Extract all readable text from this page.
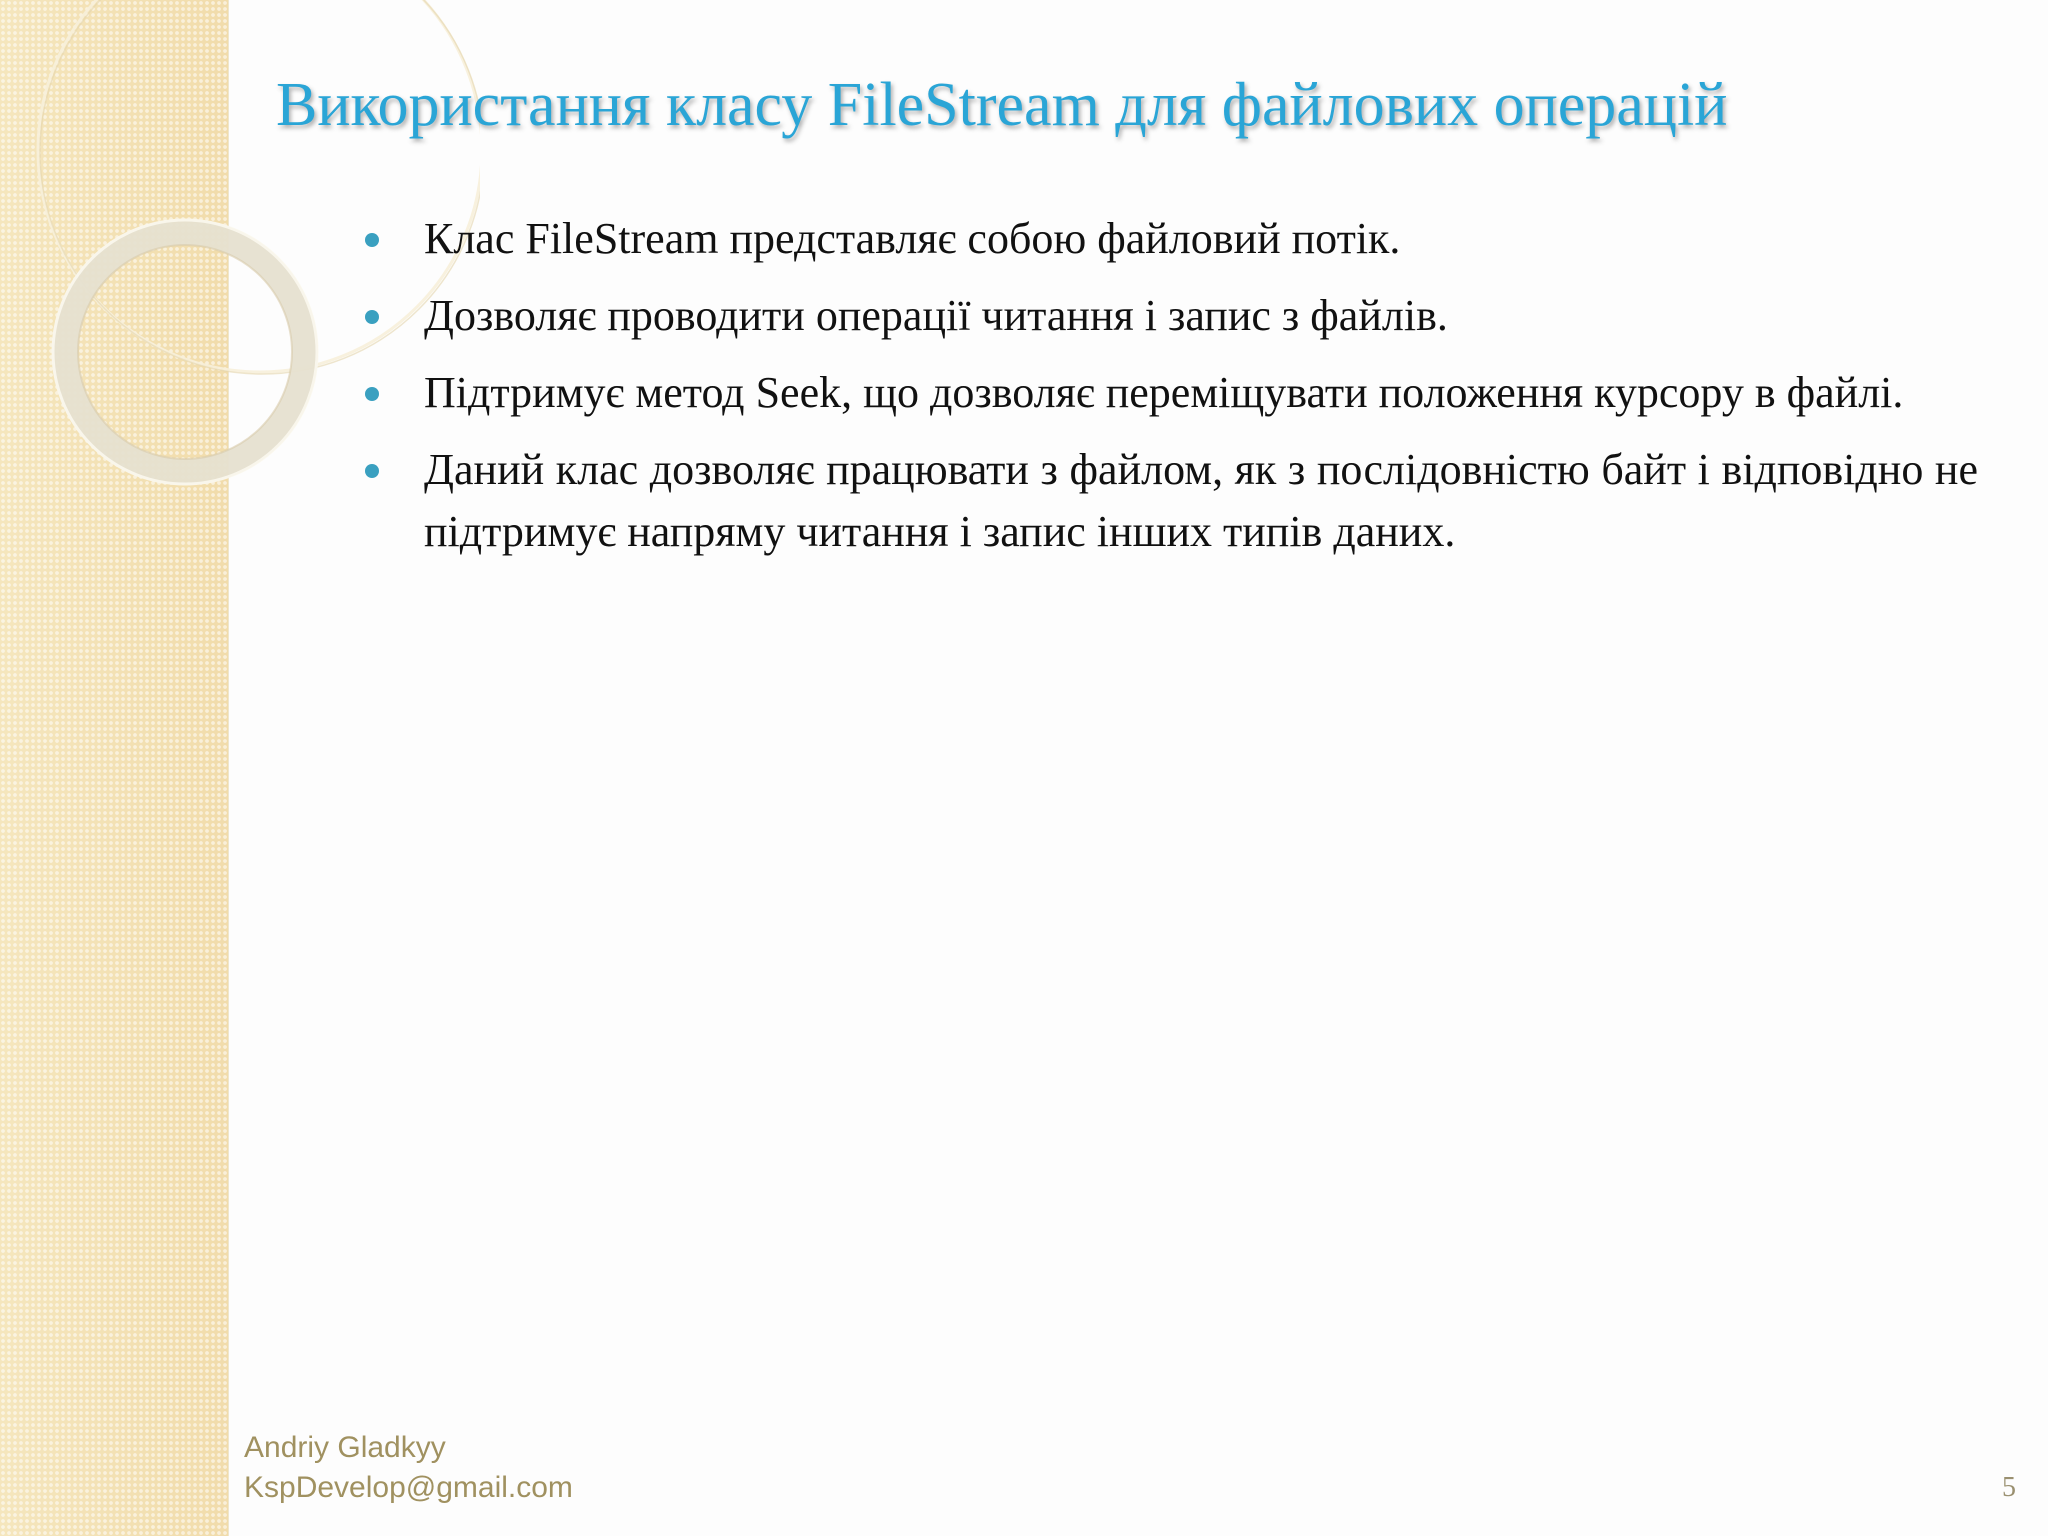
Використання класу FileStream для файлових операцій
Клас FileStream представляє собою файловий потік.
Дозволяє проводити операції читання і запис з файлів.
Підтримує метод Seek, що дозволяє переміщувати положення курсору в файлі.
Даний клас дозволяє працювати з файлом, як з послідовністю байт і відповідно не підтримує напряму читання і запис інших типів даних.
Andriy Gladkyy
KspDevelop@gmail.com	5
